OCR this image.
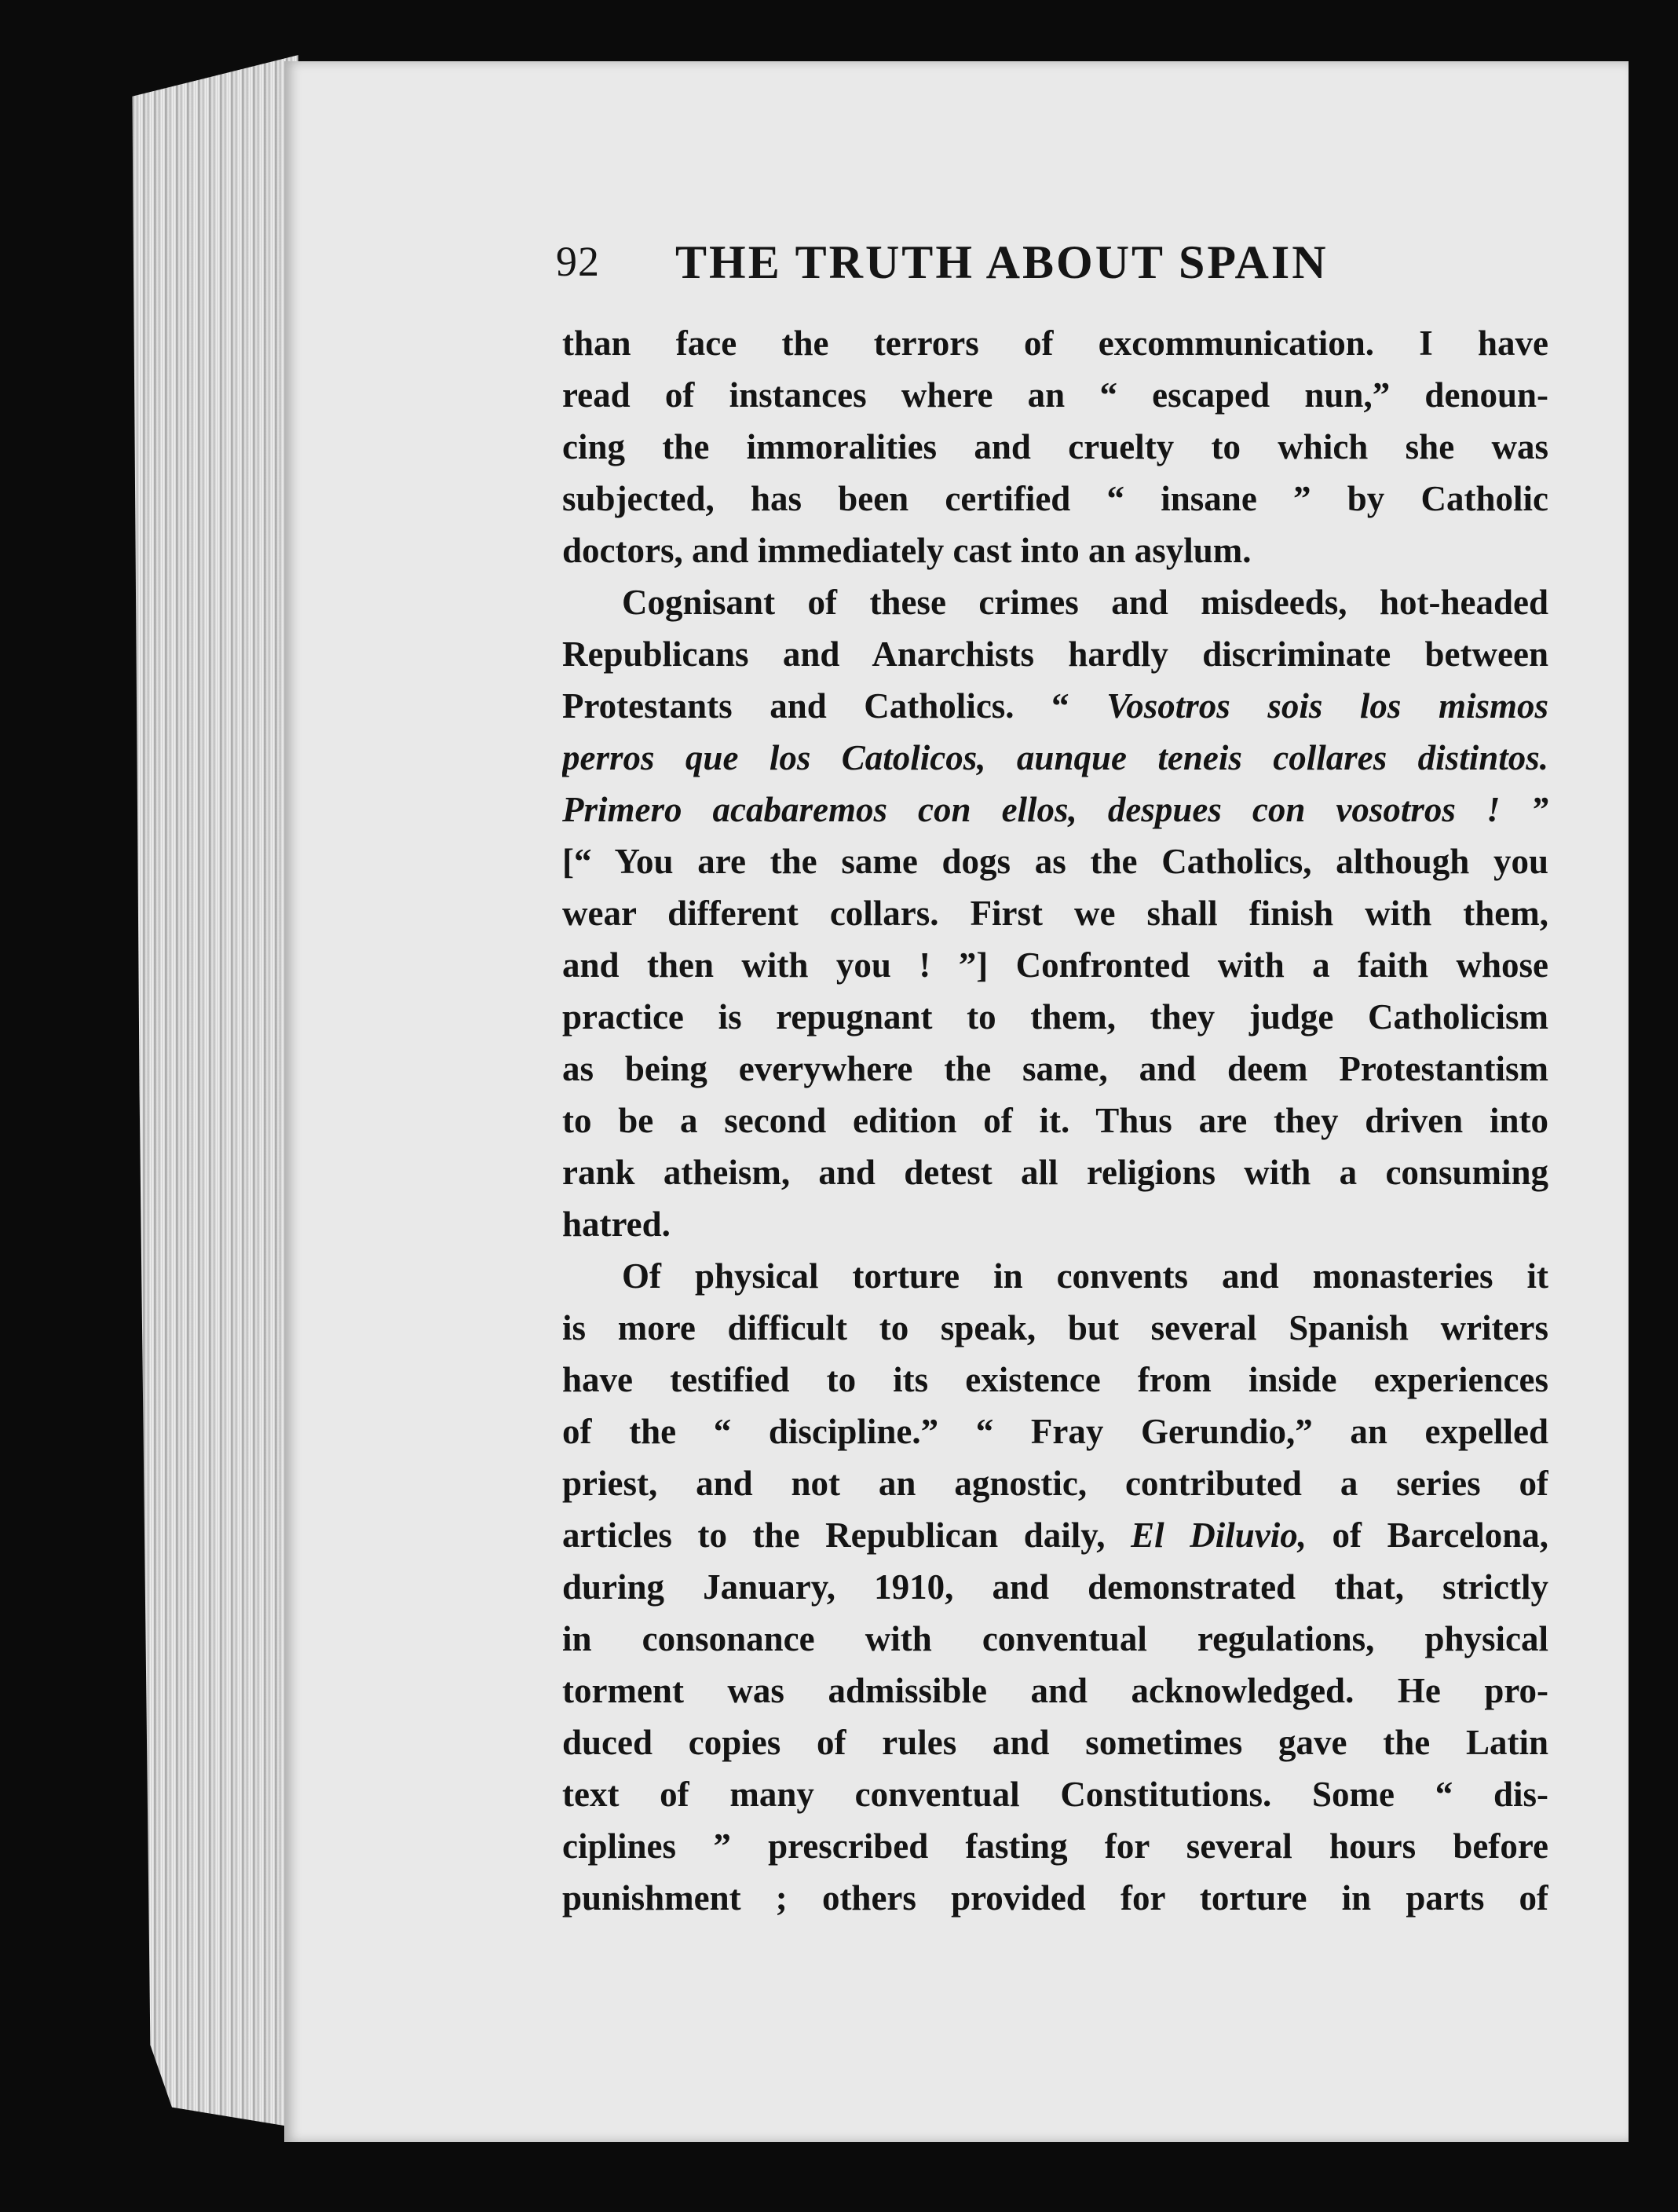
92 THE TRUTH ABOUT SPAIN
than face the terrors of excommunication. I have
read of instances where an “ escaped nun,” denoun-
cing the immoralities and cruelty to which she was
subjected, has been certified “ insane ” by Catholic
doctors, and immediately cast into an asylum.
Cognisant of these crimes and misdeeds, hot-headed
Republicans and Anarchists hardly discriminate between
Protestants and Catholics. “ Vosotros sois los mismos
perros que los Catolicos, aunque teneis collares distintos.
Primero acabaremos con ellos, despues con vosotros ! ”
[“ You are the same dogs as the Catholics, although you
wear different collars. First we shall finish with them,
and then with you ! ”] Confronted with a faith whose
practice is repugnant to them, they judge Catholicism
as being everywhere the same, and deem Protestantism
to be a second edition of it. Thus are they driven into
rank atheism, and detest all religions with a consuming
hatred.
Of physical torture in convents and monasteries it
is more difficult to speak, but several Spanish writers
have testified to its existence from inside experiences
of the “ discipline.” “ Fray Gerundio,” an expelled
priest, and not an agnostic, contributed a series of
articles to the Republican daily, El Diluvio, of Barcelona,
during January, 1910, and demonstrated that, strictly
in consonance with conventual regulations, physical
torment was admissible and acknowledged. He pro-
duced copies of rules and sometimes gave the Latin
text of many conventual Constitutions. Some “ dis-
ciplines ” prescribed fasting for several hours before
punishment ; others provided for torture in parts of
